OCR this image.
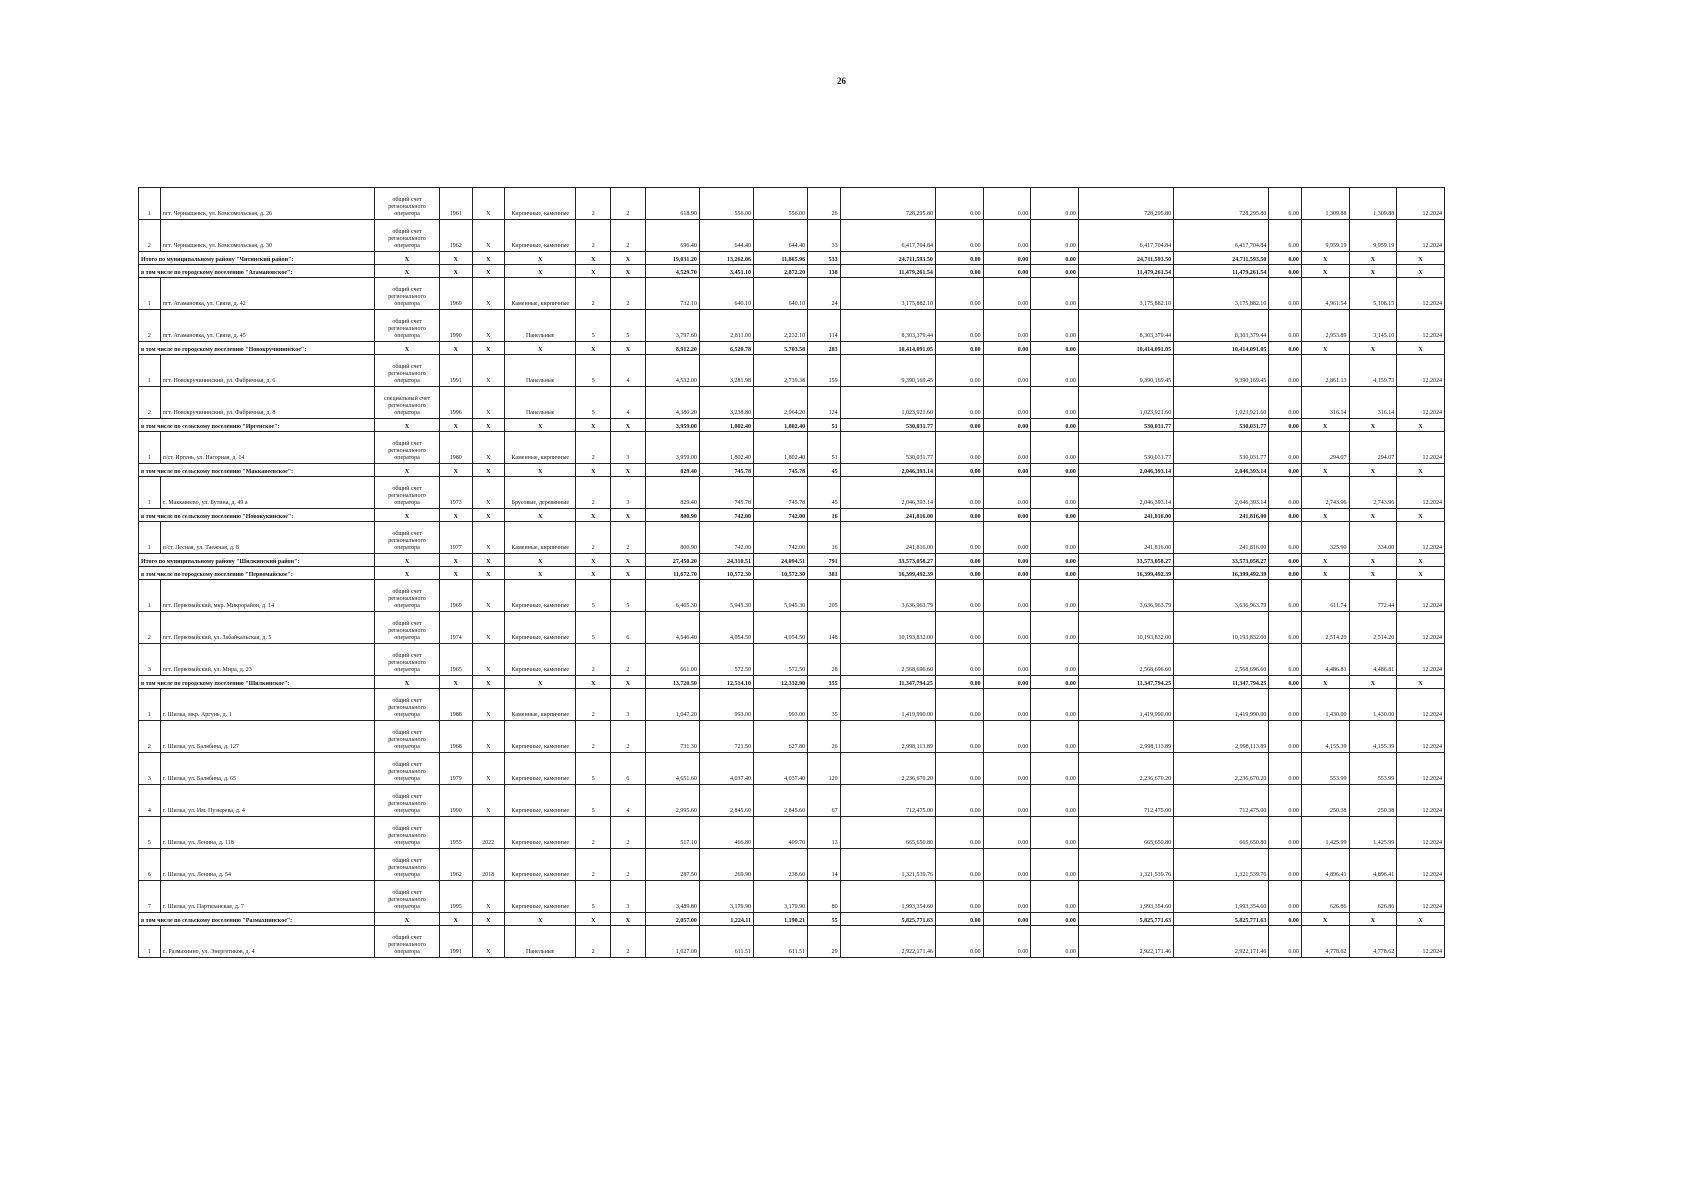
26
1	пгт. Чернышевск, ул. Комсомольская, д. 26	общий счет регионального оператора	1961	Х	Кирпичные, каменные	2	2	618.90	556.00	556.00	26	728,295.80	0.00	0.00	0.00	728,295.80	728,295.80	0.00	1,309.88	1,309.88	12.2024
2	пгт. Чернышевск, ул. Комсомольская, д. 30	общий счет регионального оператора	1962	Х	Кирпичные, каменные	2	2	696.40	644.40	644.40	33	6,417,704.84	0.00	0.00	0.00	6,417,704.84	6,417,704.84	0.00	9,959.19	9,959.19	12.2024
Итого по муниципальному району "Читинский район":		Х	Х	Х	Х	Х	Х	19,031.20	13,262.06	11,865.96	533	24,711,593.50	0.00	0.00	0.00	24,711,593.50	24,711,593.50	0.00	Х	Х	Х
в том числе по городскому поселению "Атамановское":		Х	Х	Х	Х	Х	Х	4,529.70	3,451.10	2,872.20	138	11,479,261.54	0.00	0.00	0.00	11,479,261.54	11,479,261.54	0.00	Х	Х	Х
1	пгт. Атамановка, ул. Связи, д. 42	общий счет регионального оператора	1969	Х	Каменные, кирпичные	2	2	732.10	640.10	640.10	24	3,175,882.10	0.00	0.00	0.00	3,175,882.10	3,175,882.10	0.00	4,961.54	5,108.15	12.2024
2	пгт. Атамановка, ул. Связи, д. 45	общий счет регионального оператора	1990	Х	Панельные	5	5	3,797.60	2,811.00	2,232.10	114	8,303,379.44	0.00	0.00	0.00	8,303,379.44	8,303,379.44	0.00	2,953.89	3,145.10	12.2024
в том числе по городскому поселению "Новокручининское":		Х	Х	Х	Х	Х	Х	8,912.20	6,520.78	5,703.58	283	10,414,091.05	0.00	0.00	0.00	10,414,091.05	10,414,091.05	0.00	Х	Х	Х
1	пгт. Новокручининский, ул. Фабричная, д. 6	общий счет регионального оператора	1991	Х	Панельные	5	4	4,532.00	3,281.98	2,739.38	159	9,390,169.45	0.00	0.00	0.00	9,390,169.45	9,390,169.45	0.00	2,861.13	4,159.73	12.2024
2	пгт. Новокручининский, ул. Фабричная, д. 8	специальный счет регионального оператора	1996	Х	Панельные	5	4	4,380.20	3,238.80	2,964.20	124	1,023,921.60	0.00	0.00	0.00	1,023,921.60	1,023,921.60	0.00	316.14	316.14	12.2024
в том числе по сельскому поселению "Иргенское":		Х	Х	Х	Х	Х	Х	3,959.00	1,802.40	1,802.40	51	530,031.77	0.00	0.00	0.00	530,031.77	530,031.77	0.00	Х	Х	Х
1	п/ст. Иргень, ул. Нагорная, д. 14	общий счет регионального оператора	1980	Х	Каменные, кирпичные	2	3	3,959.00	1,802.40	1,802.40	51	530,031.77	0.00	0.00	0.00	530,031.77	530,031.77	0.00	294.07	294.07	12.2024
в том числе по сельскому поселению "Маккавеевское":		Х	Х	Х	Х	Х	Х	829.40	745.78	745.78	45	2,046,393.14	0.00	0.00	0.00	2,046,393.14	2,046,393.14	0.00	Х	Х	Х
1	с. Маккавеево, ул. Бутина, д. 49 а	общий счет регионального оператора	1973	Х	Брусовые, деревянные	2	3	829.40	745.78	745.78	45	2,046,393.14	0.00	0.00	0.00	2,046,393.14	2,046,393.14	0.00	2,743.96	2,743.96	12.2024
в том числе по сельскому поселению "Новокукинское":		Х	Х	Х	Х	Х	Х	800.90	742.00	742.00	16	241,816.00	0.00	0.00	0.00	241,816.00	241,816.00	0.00	Х	Х	Х
1	п/ст. Лесная, ул. Таежная, д. 8	общий счет регионального оператора	1977	Х	Каменные, кирпичные	2	2	800.90	742.00	742.00	16	241,816.00	0.00	0.00	0.00	241,816.00	241,816.00	0.00	325.90	334.00	12.2024
Итого по муниципальному району "Шилкинский район":		Х	Х	Х	Х	Х	Х	27,450.20	24,310.51	24,094.51	791	33,573,058.27	0.00	0.00	0.00	33,573,058.27	33,573,058.27	0.00	Х	Х	Х
в том числе по городскому поселению "Первомайское":		Х	Х	Х	Х	Х	Х	11,672.70	10,572.30	10,572.30	381	16,399,492.39	0.00	0.00	0.00	16,399,492.39	16,399,492.39	0.00	Х	Х	Х
1	пгт. Первомайский, мкр. Микрорайон, д. 14	общий счет регионального оператора	1969	Х	Кирпичные, каменные	5	5	6,465.30	5,945.30	5,945.30	205	3,636,963.79	0.00	0.00	0.00	3,636,963.79	3,636,963.79	0.00	611.74	772.44	12.2024
2	пгт. Первомайский, ул. Забайкальская, д. 5	общий счет регионального оператора	1974	Х	Кирпичные, каменные	5	6	4,546.40	4,054.50	4,054.50	148	10,193,832.00	0.00	0.00	0.00	10,193,832.00	10,193,832.00	0.00	2,514.20	2,514.20	12.2024
3	пгт. Первомайский, ул. Мира, д. 23	общий счет регионального оператора	1965	Х	Кирпичные, каменные	2	2	661.00	572.50	572.50	28	2,568,696.60	0.00	0.00	0.00	2,568,696.60	2,568,696.60	0.00	4,486.81	4,486.81	12.2024
в том числе по городскому поселению "Шилкинское":		Х	Х	Х	Х	Х	Х	13,720.50	12,514.10	12,332.90	355	11,347,794.25	0.00	0.00	0.00	11,347,794.25	11,347,794.25	0.00	Х	Х	Х
1	г. Шилка, мкр. Аргунь, д. 1	общий счет регионального оператора	1988	Х	Каменные, кирпичные	2	3	1,047.20	993.00	993.00	35	1,419,990.00	0.00	0.00	0.00	1,419,990.00	1,419,990.00	0.00	1,430.00	1,430.00	12.2024
2	г. Шилка, ул. Балябина, д. 127	общий счет регионального оператора	1968	Х	Кирпичные, каменные	2	2	731.30	721.50	627.80	26	2,998,113.89	0.00	0.00	0.00	2,998,113.89	2,998,113.89	0.00	4,155.39	4,155.39	12.2024
3	г. Шилка, ул. Балябина, д. 65	общий счет регионального оператора	1979	Х	Кирпичные, каменные	5	6	4,651.60	4,037.40	4,037.40	120	2,236,670.20	0.00	0.00	0.00	2,236,670.20	2,236,670.20	0.00	553.99	553.99	12.2024
4	г. Шилка, ул. Им. Пузырева, д. 4	общий счет регионального оператора	1990	Х	Кирпичные, каменные	5	4	2,995.60	2,845.60	2,845.60	67	712,475.00	0.00	0.00	0.00	712,475.00	712,475.00	0.00	250.38	250.38	12.2024
5	г. Шилка, ул. Ленина, д. 118	общий счет регионального оператора	1955	2022	Кирпичные, каменные	2	2	517.10	466.80	409.70	13	665,650.80	0.00	0.00	0.00	665,650.80	665,650.80	0.00	1,425.99	1,425.99	12.2024
6	г. Шилка, ул. Ленина, д. 54	общий счет регионального оператора	1962	2018	Кирпичные, каменные	2	2	287.50	269.90	238.60	14	1,321,539.76	0.00	0.00	0.00	1,321,539.76	1,321,539.76	0.00	4,896.41	4,896.41	12.2024
7	г. Шилка, ул. Партизанская, д. 7	общий счет регионального оператора	1995	Х	Кирпичные, каменные	5	3	3,489.80	3,179.90	3,179.90	80	1,993,354.60	0.00	0.00	0.00	1,993,354.60	1,993,354.60	0.00	626.86	626.86	12.2024
в том числе по сельскому поселению "Размахнинское":		Х	Х	Х	Х	Х	Х	2,057.00	1,224.11	1,190.21	55	5,825,771.63	0.00	0.00	0.00	5,825,771.63	5,825,771.63	0.00	Х	Х	Х
1	с. Размахнино, ул. Энергетиков, д. 4	общий счет регионального оператора	1991	Х	Панельные	2	2	1,027.00	611.51	611.51	29	2,922,171.46	0.00	0.00	0.00	2,922,171.46	2,922,171.46	0.00	4,778.62	4,778.62	12.2024
